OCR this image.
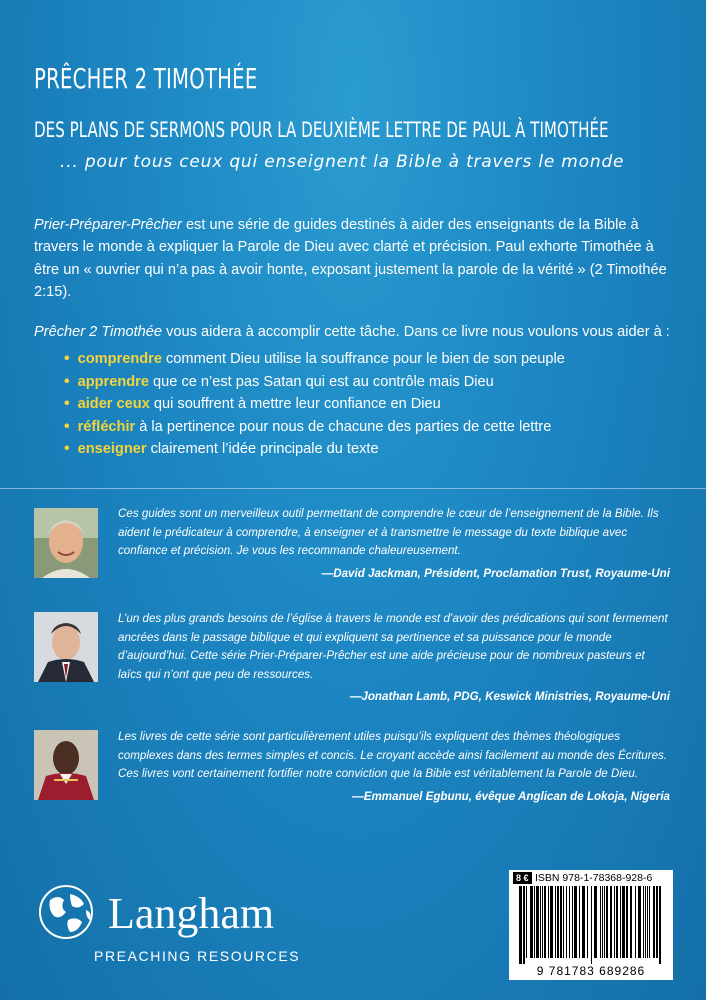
PRÊCHER 2 TIMOTHÉE
DES PLANS DE SERMONS POUR LA DEUXIÈME LETTRE DE PAUL À TIMOTHÉE
... pour tous ceux qui enseignent la Bible à travers le monde
Prier-Préparer-Prêcher est une série de guides destinés à aider des enseignants de la Bible à travers le monde à expliquer la Parole de Dieu avec clarté et précision. Paul exhorte Timothée à être un « ouvrier qui n’a pas à avoir honte, exposant justement la parole de la vérité » (2 Timothée 2:15).
Prêcher 2 Timothée vous aidera à accomplir cette tâche. Dans ce livre nous voulons vous aider à :
• comprendre comment Dieu utilise la souffrance pour le bien de son peuple
• apprendre que ce n’est pas Satan qui est au contrôle mais Dieu
• aider ceux qui souffrent à mettre leur confiance en Dieu
• réfléchir à la pertinence pour nous de chacune des parties de cette lettre
• enseigner clairement l’idée principale du texte
Ces guides sont un merveilleux outil permettant de comprendre le cœur de l’enseignement de la Bible. Ils aident le prédicateur à comprendre, à enseigner et à transmettre le message du texte biblique avec confiance et précision. Je vous les recommande chaleureusement.
—David Jackman, Président, Proclamation Trust, Royaume-Uni
L’un des plus grands besoins de l’église à travers le monde est d’avoir des prédications qui sont fermement ancrées dans le passage biblique et qui expliquent sa pertinence et sa puissance pour le monde d’aujourd’hui. Cette série Prier-Préparer-Prêcher est une aide précieuse pour de nombreux pasteurs et laïcs qui n’ont que peu de ressources.
—Jonathan Lamb, PDG, Keswick Ministries, Royaume-Uni
Les livres de cette série sont particulièrement utiles puisqu’ils expliquent des thèmes théologiques complexes dans des termes simples et concis. Le croyant accède ainsi facilement au monde des Écritures. Ces livres vont certainement fortifier notre conviction que la Bible est véritablement la Parole de Dieu.
—Emmanuel Egbunu, évêque Anglican de Lokoja, Nigeria
Langham
PREACHING RESOURCES
8 € ISBN 978-1-78368-928-6
9 781783 689286
